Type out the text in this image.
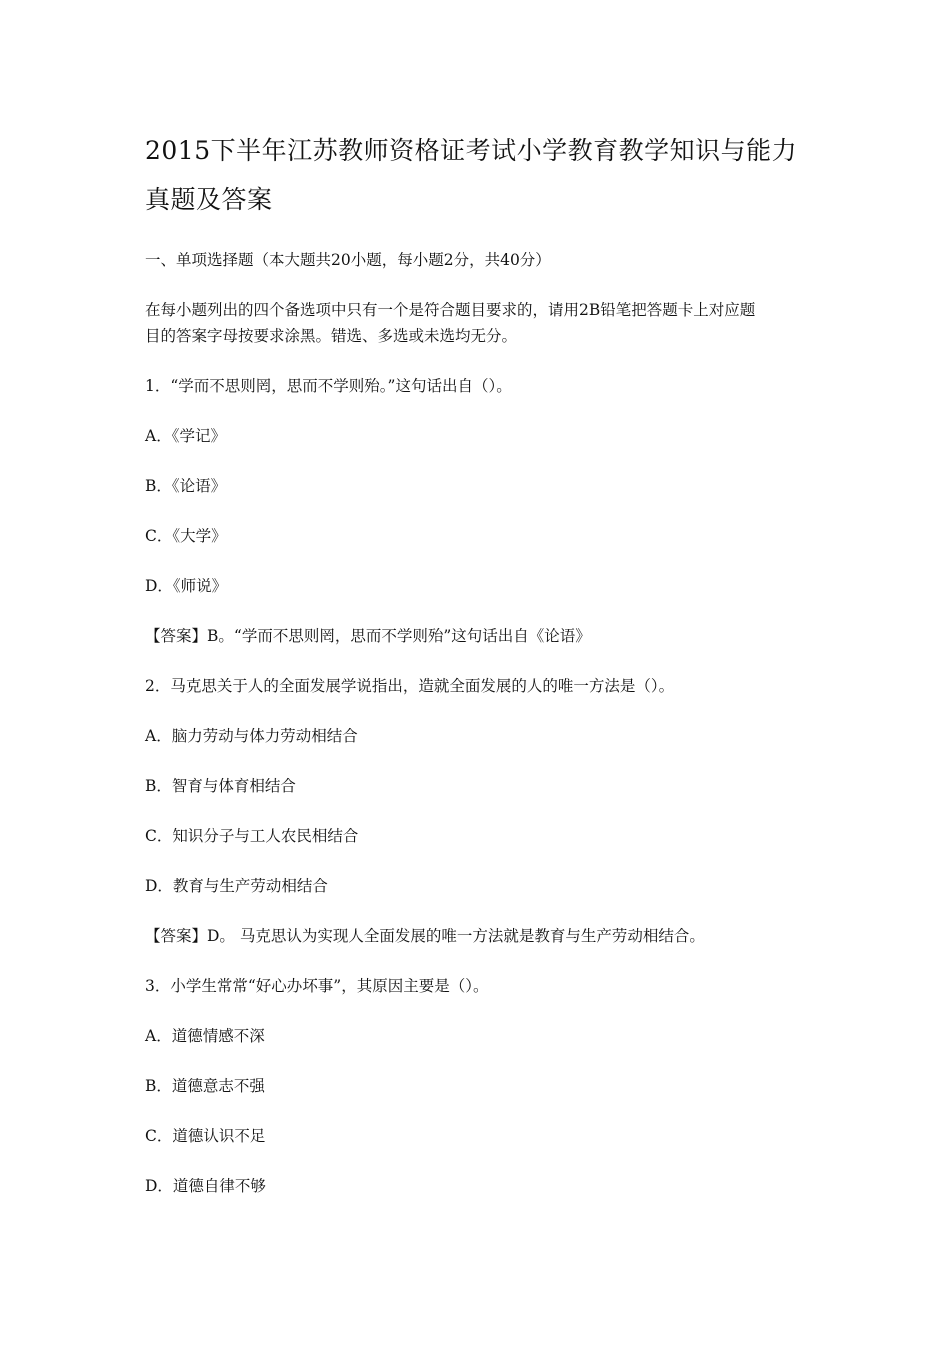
2015下半年江苏教师资格证考试小学教育教学知识与能力
真题及答案
一、单项选择题（本大题共20小题，每小题2分，共40分）
在每小题列出的四个备选项中只有一个是符合题目要求的，请用2B铅笔把答题卡上对应题
目的答案字母按要求涂黑。错选、多选或未选均无分。
1．“学而不思则罔，思而不学则殆。”这句话出自（）。
A．《学记》
B．《论语》
C．《大学》
D．《师说》
【答案】B。“学而不思则罔，思而不学则殆”这句话出自《论语》
2．马克思关于人的全面发展学说指出，造就全面发展的人的唯一方法是（）。
A．脑力劳动与体力劳动相结合
B．智育与体育相结合
C．知识分子与工人农民相结合
D．教育与生产劳动相结合
【答案】D。 马克思认为实现人全面发展的唯一方法就是教育与生产劳动相结合。
3．小学生常常“好心办坏事”，其原因主要是（）。
A．道德情感不深
B．道德意志不强
C．道德认识不足
D．道德自律不够
